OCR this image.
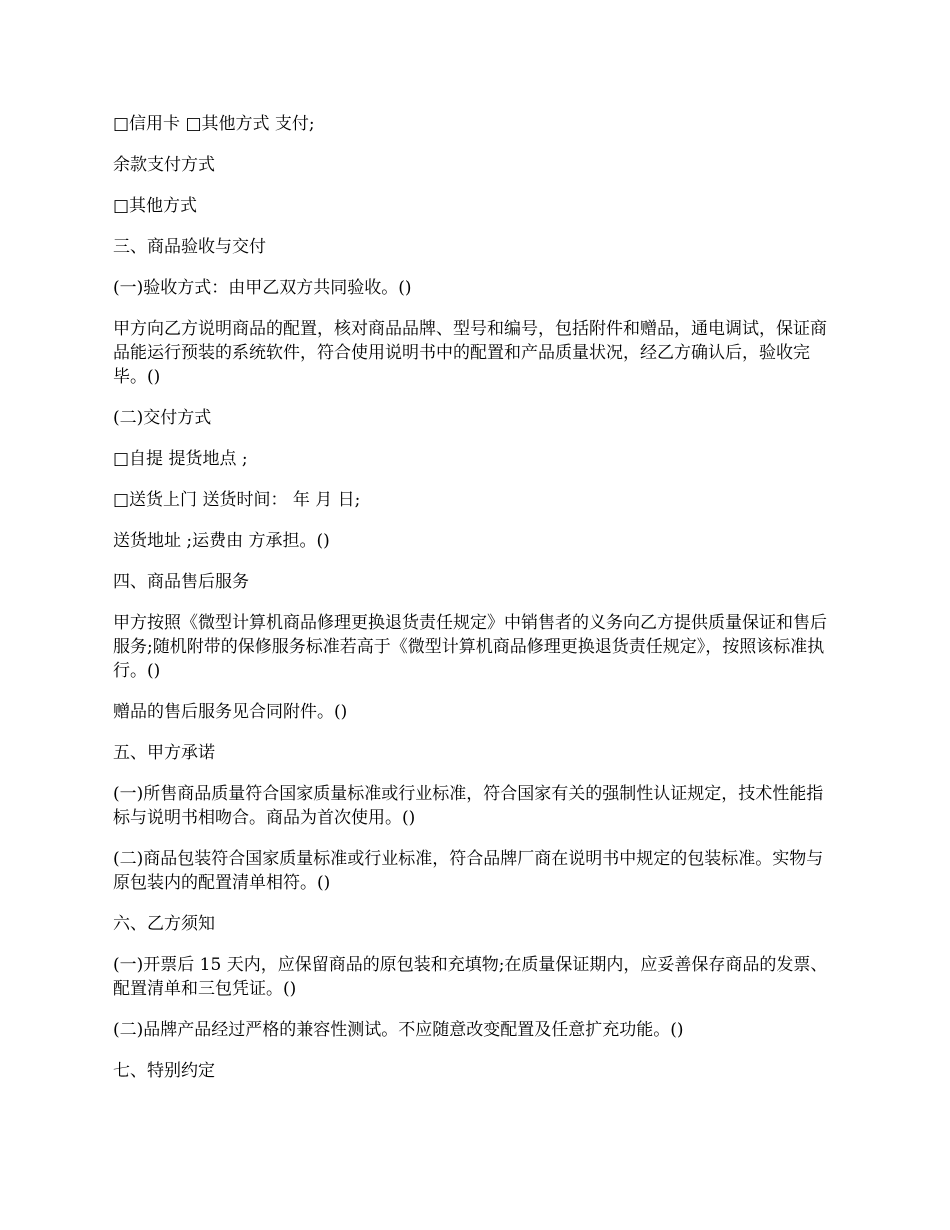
□信用卡 □其他方式 支付;

余款支付方式

□其他方式

三、商品验收与交付

(一)验收方式：由甲乙双方共同验收。()

甲方向乙方说明商品的配置，核对商品品牌、型号和编号，包括附件和赠品，通电调试，保证商品能运行预装的系统软件，符合使用说明书中的配置和产品质量状况，经乙方确认后，验收完毕。()

(二)交付方式

□自提 提货地点 ;

□送货上门 送货时间： 年 月 日;

送货地址 ;运费由 方承担。()

四、商品售后服务

甲方按照《微型计算机商品修理更换退货责任规定》中销售者的义务向乙方提供质量保证和售后服务;随机附带的保修服务标准若高于《微型计算机商品修理更换退货责任规定》，按照该标准执行。()

赠品的售后服务见合同附件。()

五、甲方承诺

(一)所售商品质量符合国家质量标准或行业标准，符合国家有关的强制性认证规定，技术性能指标与说明书相吻合。商品为首次使用。()

(二)商品包装符合国家质量标准或行业标准，符合品牌厂商在说明书中规定的包装标准。实物与原包装内的配置清单相符。()

六、乙方须知

(一)开票后 15 天内，应保留商品的原包装和充填物;在质量保证期内，应妥善保存商品的发票、配置清单和三包凭证。()

(二)品牌产品经过严格的兼容性测试。不应随意改变配置及任意扩充功能。()

七、特别约定
